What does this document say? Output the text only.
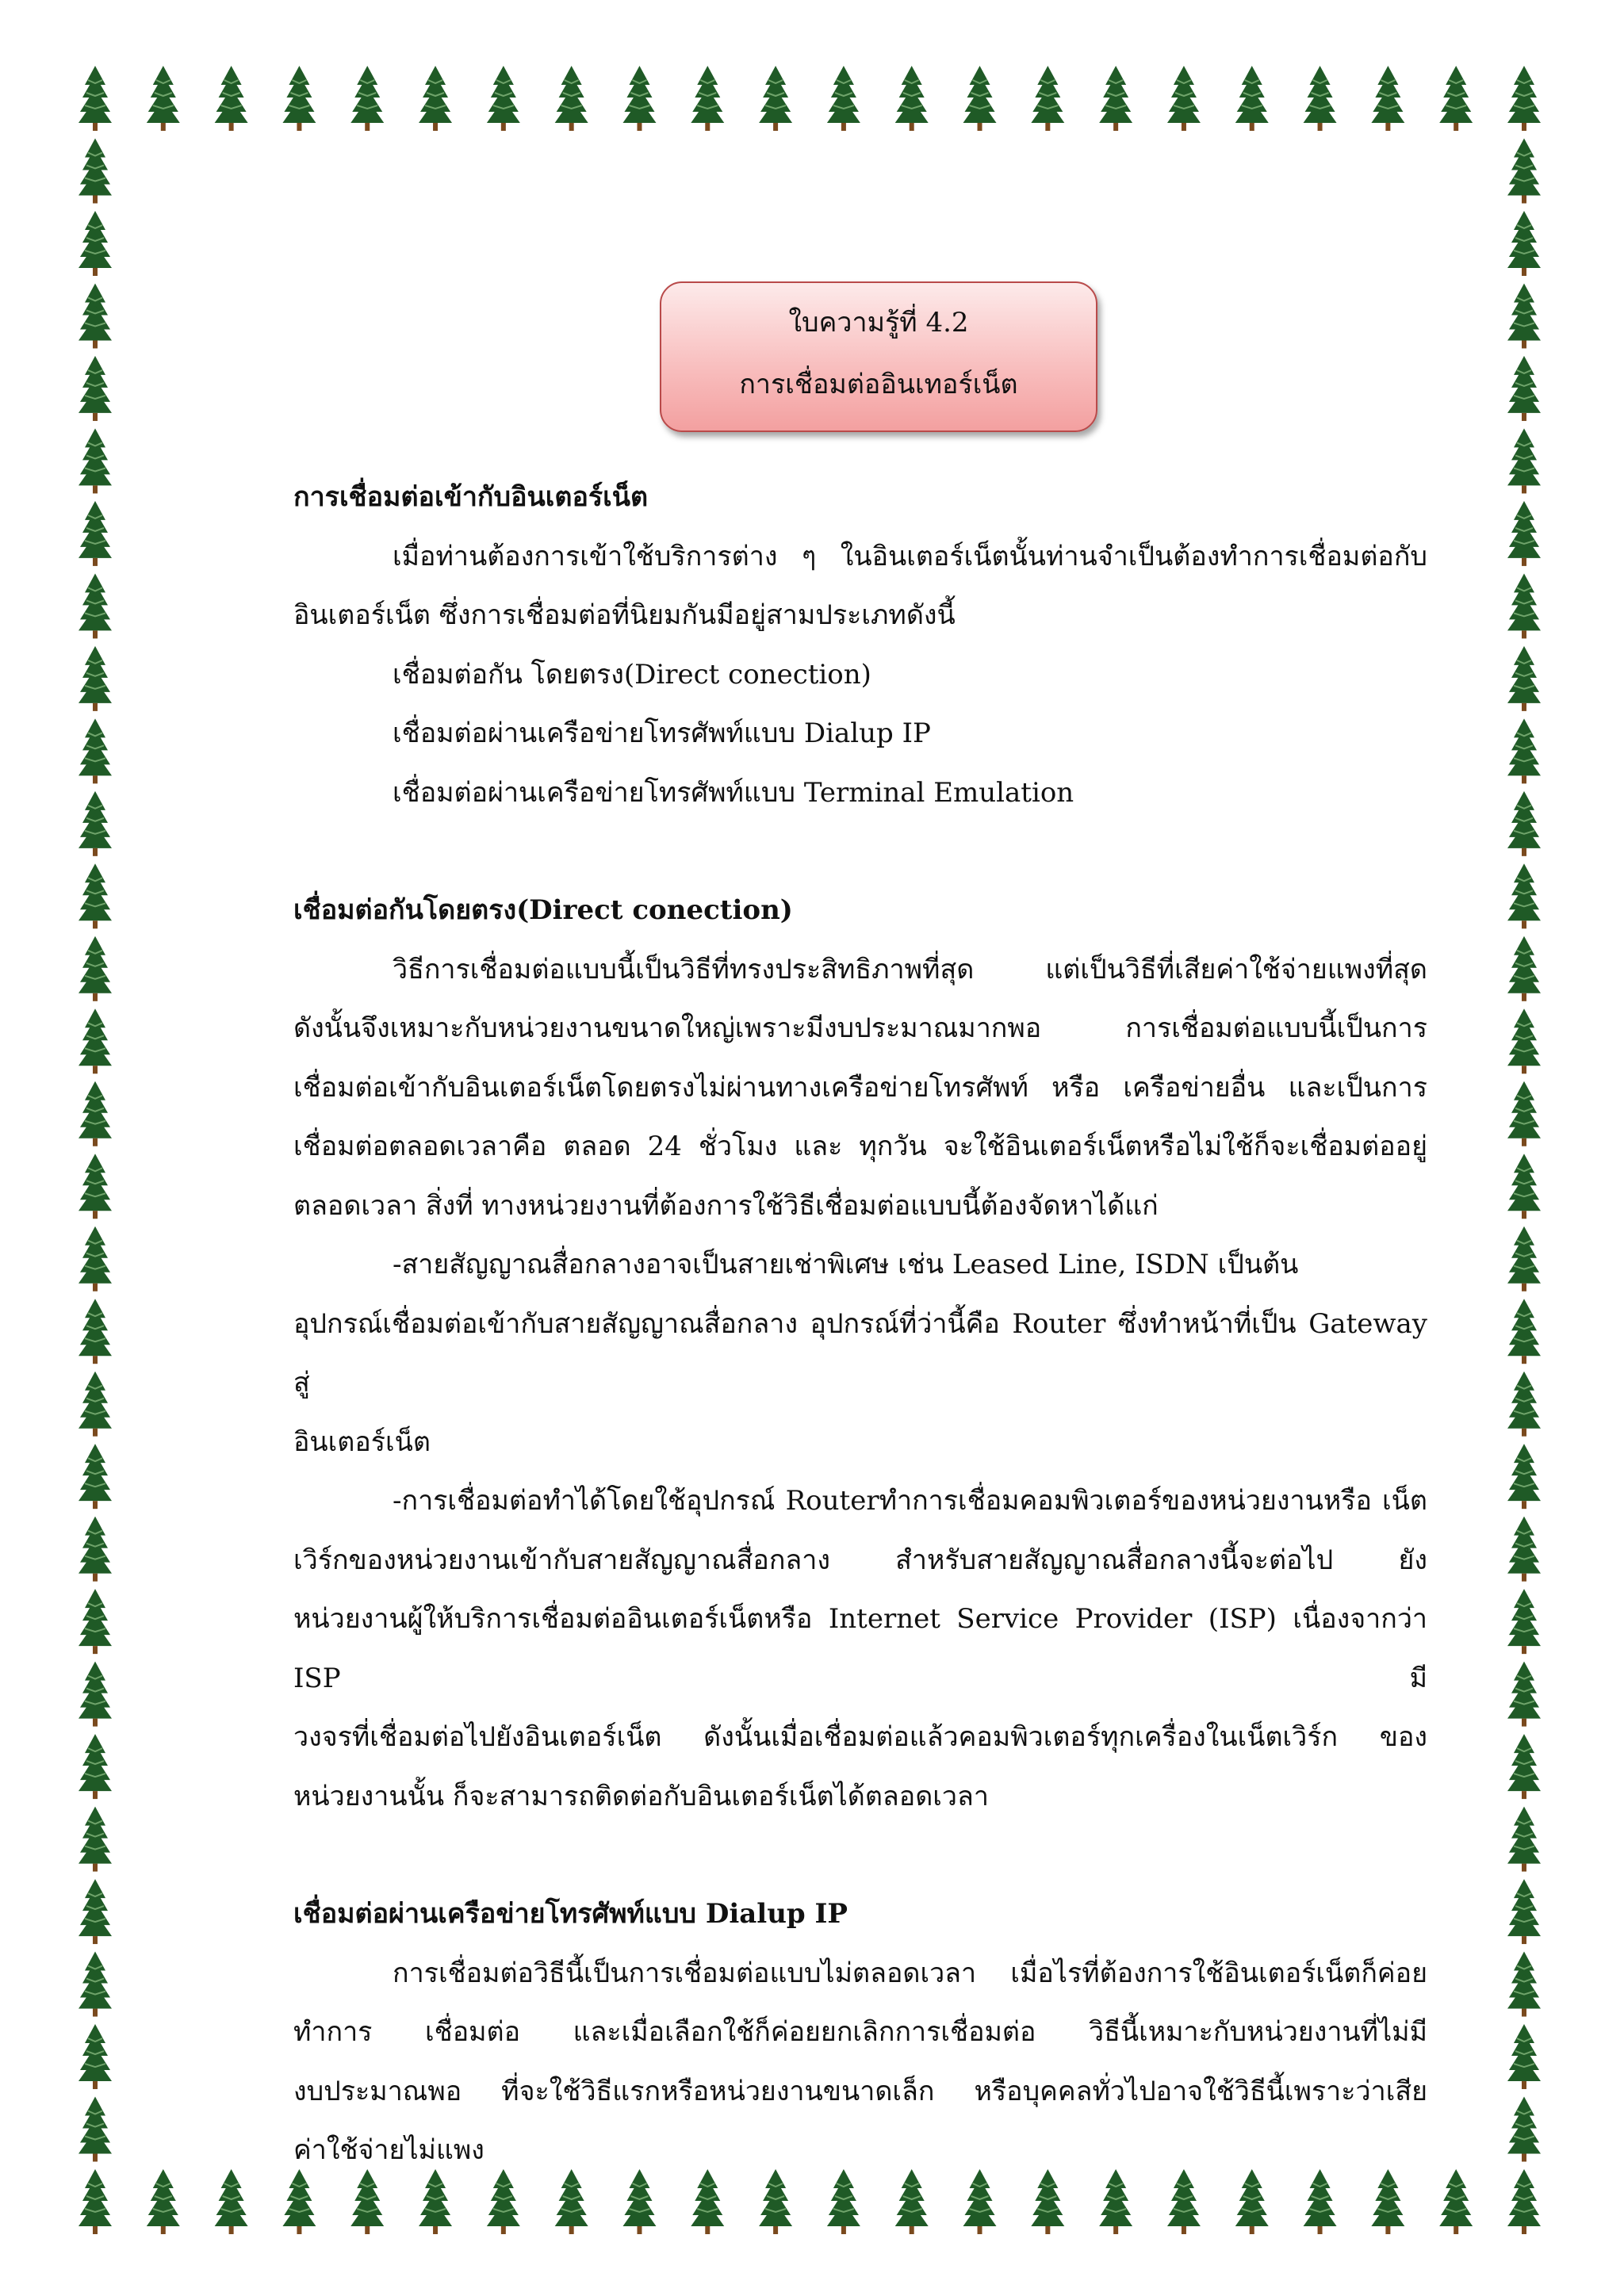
ใบความรู้ที่ 4.2
การเชื่อมต่ออินเทอร์เน็ต

การเชื่อมต่อเข้ากับอินเตอร์เน็ต

เมื่อท่านต้องการเข้าใช้บริการต่าง ๆ ในอินเตอร์เน็ตนั้นท่านจำเป็นต้องทำการเชื่อมต่อกับ

อินเตอร์เน็ต ซึ่งการเชื่อมต่อที่นิยมกันมีอยู่สามประเภทดังนี้

เชื่อมต่อกัน โดยตรง(Direct conection)

เชื่อมต่อผ่านเครือข่ายโทรศัพท์แบบ Dialup IP

เชื่อมต่อผ่านเครือข่ายโทรศัพท์แบบ Terminal Emulation

เชื่อมต่อกันโดยตรง(Direct conection)

วิธีการเชื่อมต่อแบบนี้เป็นวิธีที่ทรงประสิทธิภาพที่สุด แต่เป็นวิธีที่เสียค่าใช้จ่ายแพงที่สุด

ดังนั้นจึงเหมาะกับหน่วยงานขนาดใหญ่เพราะมีงบประมาณมากพอ การเชื่อมต่อแบบนี้เป็นการ

เชื่อมต่อเข้ากับอินเตอร์เน็ตโดยตรงไม่ผ่านทางเครือข่ายโทรศัพท์ หรือ เครือข่ายอื่น และเป็นการ

เชื่อมต่อตลอดเวลาคือ ตลอด 24 ชั่วโมง และ ทุกวัน จะใช้อินเตอร์เน็ตหรือไม่ใช้ก็จะเชื่อมต่ออยู่

ตลอดเวลา สิ่งที่ ทางหน่วยงานที่ต้องการใช้วิธีเชื่อมต่อแบบนี้ต้องจัดหาได้แก่

-สายสัญญาณสื่อกลางอาจเป็นสายเช่าพิเศษ เช่น Leased Line, ISDN เป็นต้น

อุปกรณ์เชื่อมต่อเข้ากับสายสัญญาณสื่อกลาง อุปกรณ์ที่ว่านี้คือ Router ซึ่งทำหน้าที่เป็น Gateway สู่

อินเตอร์เน็ต

-การเชื่อมต่อทำได้โดยใช้อุปกรณ์ Routerทำการเชื่อมคอมพิวเตอร์ของหน่วยงานหรือ เน็ต

เวิร์กของหน่วยงานเข้ากับสายสัญญาณสื่อกลาง สำหรับสายสัญญาณสื่อกลางนี้จะต่อไป ยัง

หน่วยงานผู้ให้บริการเชื่อมต่ออินเตอร์เน็ตหรือ Internet Service Provider (ISP) เนื่องจากว่า ISP มี

วงจรที่เชื่อมต่อไปยังอินเตอร์เน็ต ดังนั้นเมื่อเชื่อมต่อแล้วคอมพิวเตอร์ทุกเครื่องในเน็ตเวิร์ก ของ

หน่วยงานนั้น ก็จะสามารถติดต่อกับอินเตอร์เน็ตได้ตลอดเวลา

เชื่อมต่อผ่านเครือข่ายโทรศัพท์แบบ Dialup IP

การเชื่อมต่อวิธีนี้เป็นการเชื่อมต่อแบบไม่ตลอดเวลา เมื่อไรที่ต้องการใช้อินเตอร์เน็ตก็ค่อย

ทำการ เชื่อมต่อ และเมื่อเลือกใช้ก็ค่อยยกเลิกการเชื่อมต่อ วิธีนี้เหมาะกับหน่วยงานที่ไม่มี

งบประมาณพอ ที่จะใช้วิธีแรกหรือหน่วยงานขนาดเล็ก หรือบุคคลทั่วไปอาจใช้วิธีนี้เพราะว่าเสีย

ค่าใช้จ่ายไม่แพง
